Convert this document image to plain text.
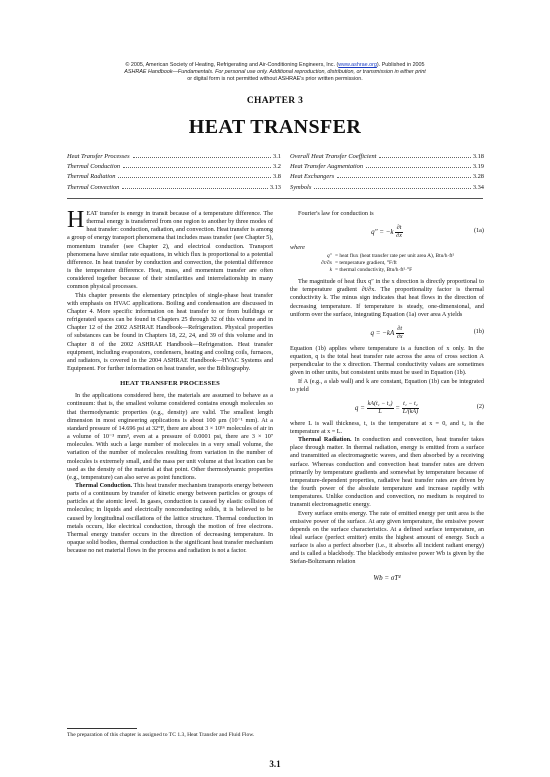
© 2005, American Society of Heating, Refrigerating and Air-Conditioning Engineers, Inc. (www.ashrae.org). Published in 2005
ASHRAE Handbook—Fundamentals. For personal use only. Additional reproduction, distribution, or transmission in either print
or digital form is not permitted without ASHRAE's prior written permission.
CHAPTER 3
HEAT TRANSFER
Heat Transfer Processes	3.1
Thermal Conduction	3.2
Thermal Radiation	3.8
Thermal Convection	3.13
Overall Heat Transfer Coefficient	3.18
Heat Transfer Augmentation	3.19
Heat Exchangers	3.28
Symbols	3.34

HEAT transfer is energy in transit because of a temperature difference. The thermal energy is transferred from one region to another by three modes of heat transfer: conduction, radiation, and convection. Heat transfer is among a group of energy transport phenomena that includes mass transfer (see Chapter 5), momentum transfer (see Chapter 2), and electrical conduction. Transport phenomena have similar rate equations, in which flux is proportional to a potential difference. In heat transfer by conduction and convection, the potential difference is the temperature difference. Heat, mass, and momentum transfer are often considered together because of their similarities and interrelationship in many common physical processes.

This chapter presents the elementary principles of single-phase heat transfer with emphasis on HVAC applications. Boiling and condensation are discussed in Chapter 4. More specific information on heat transfer to or from buildings or refrigerated spaces can be found in Chapters 25 through 32 of this volume and in Chapter 12 of the 2002 ASHRAE Handbook—Refrigeration. Physical properties of substances can be found in Chapters 18, 22, 24, and 39 of this volume and in Chapter 8 of the 2002 ASHRAE Handbook—Refrigeration. Heat transfer equipment, including evaporators, condensers, heating and cooling coils, furnaces, and radiators, is covered in the 2004 ASHRAE Handbook—HVAC Systems and Equipment. For further information on heat transfer, see the Bibliography.

HEAT TRANSFER PROCESSES

In the applications considered here, the materials are assumed to behave as a continuum: that is, the smallest volume considered contains enough molecules so that thermodynamic properties (e.g., density) are valid. The smallest length dimension in most engineering applications is about 100 μm (10⁻¹ mm). At a standard pressure of 14.696 psi at 32°F, there are about 3 × 10¹⁶ molecules of air in a volume of 10⁻³ mm³, even at a pressure of 0.0001 psi, there are 3 × 10⁷ molecules. With such a large number of molecules in a very small volume, the variation of the number of molecules resulting from variation in the number of molecules is extremely small, and the mass per unit volume at that location can be used as the density of the material at that point. Other thermodynamic properties (e.g., temperature) can also serve as point functions.

Thermal Conduction. This heat transfer mechanism transports energy between parts of a continuum by transfer of kinetic energy between particles or groups of particles at the atomic level. In gases, conduction is caused by elastic collision of molecules; in liquids and electrically nonconducting solids, it is believed to be caused by longitudinal oscillations of the lattice structure. Thermal conduction in metals occurs, like electrical conduction, through the motion of free electrons. Thermal energy transfer occurs in the direction of decreasing temperature. In opaque solid bodies, thermal conduction is the significant heat transfer mechanism because no net material flows in the process and radiation is not a factor.

Fourier's law for conduction is

$q'' = -k \frac{\partial t}{\partial x}$	(1a)
where
q″ = heat flux (heat transfer rate per unit area A), Btu/h·ft²
∂t/∂x = temperature gradient, °F/ft
k = thermal conductivity, Btu/h·ft²·°F

The magnitude of heat flux q″ in the x direction is directly proportional to the temperature gradient ∂t/∂x. The proportionality factor is thermal conductivity k. The minus sign indicates that heat flows in the direction of decreasing temperature. If temperature is steady, one-dimensional, and uniform over the surface, integrating Equation (1a) over area A yields

$q = -kA \frac{\partial t}{\partial x}$	(1b)

Equation (1b) applies where temperature is a function of x only. In the equation, q is the total heat transfer rate across the area of cross section A perpendicular to the x direction. Thermal conductivity values are sometimes given in other units, but consistent units must be used in Equation (1b).

If A (e.g., a slab wall) and k are constant, Equation (1b) can be integrated to yield

$q = \frac{\text{kA(t₁ − t₂)}}{L} = \frac{\text{t₁ − t₂}}{L/(kA)}$	(2)

where L is wall thickness, t₁ is the temperature at x = 0, and t₂ is the temperature at x = L.

Thermal Radiation. In conduction and convection, heat transfer takes place through matter. In thermal radiation, energy is emitted from a surface and transmitted as electromagnetic waves, and then absorbed by a receiving surface. Whereas conduction and convection heat transfer rates are driven primarily by temperature gradients and somewhat by temperature because of temperature-dependent properties, radiative heat transfer rates are driven by the fourth power of the absolute temperature and increase rapidly with temperatures. Unlike conduction and convection, no medium is required to transmit electromagnetic energy.

Every surface emits energy. The rate of emitted energy per unit area is the emissive power of the surface. At any given temperature, the emissive power depends on the surface characteristics. At a defined surface temperature, an ideal surface (perfect emitter) emits the highest amount of energy. Such a surface is also a perfect absorber (i.e., it absorbs all incident radiant energy) and is called a blackbody. The blackbody emissive power Wb is given by the Stefan-Boltzmann relation

Wb = σT⁴
The preparation of this chapter is assigned to TC 1.3, Heat Transfer and Fluid Flow.
3.1
